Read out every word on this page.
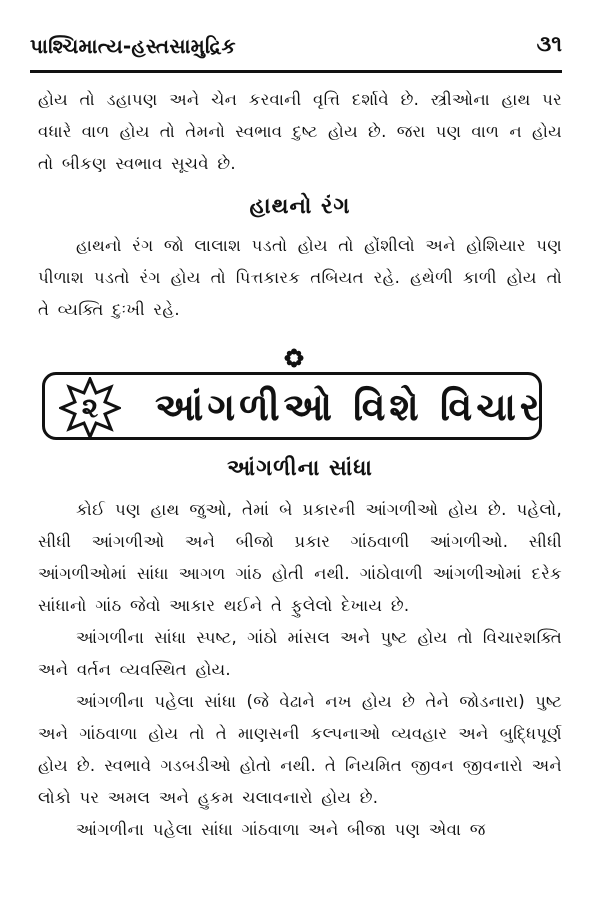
પાશ્ચિમાત્ય-હસ્તસામુદ્રિક	૩૧

હોય તો ડહાપણ અને ચેન કરવાની વૃત્તિ દર્શાવે છે. સ્ત્રીઓના હાથ પર વધારે વાળ હોય તો તેમનો સ્વભાવ દુષ્ટ હોય છે. જરા પણ વાળ ન હોય તો બીકણ સ્વભાવ સૂચવે છે.

હાથનો રંગ

હાથનો રંગ જો લાલાશ પડતો હોય તો હોંશીલો અને હોશિયાર પણ પીળાશ પડતો રંગ હોય તો પિત્તકારક તબિયત રહે. હથેળી કાળી હોય તો તે વ્યક્તિ દુઃખી રહે.

૨	આંગળીઓ વિશે વિચાર
આંગળીના સાંધા

કોઈ પણ હાથ જુઓ, તેમાં બે પ્રકારની આંગળીઓ હોય છે. પહેલો, સીધી આંગળીઓ અને બીજો પ્રકાર ગાંઠવાળી આંગળીઓ. સીધી આંગળીઓમાં સાંધા આગળ ગાંઠ હોતી નથી. ગાંઠોવાળી આંગળીઓમાં દરેક સાંધાનો ગાંઠ જેવો આકાર થઈને તે ફુલેલો દેખાય છે.

આંગળીના સાંધા સ્પષ્ટ, ગાંઠો માંસલ અને પુષ્ટ હોય તો વિચારશક્તિ અને વર્તન વ્યવસ્થિત હોય.

આંગળીના પહેલા સાંધા (જે વેઢાને નખ હોય છે તેને જોડનારા) પુષ્ટ અને ગાંઠવાળા હોય તો તે માણસની કલ્પનાઓ વ્યવહાર અને બુદ્ધિપૂર્ણ હોય છે. સ્વભાવે ગડબડીઓ હોતો નથી. તે નિયમિત જીવન જીવનારો અને લોકો પર અમલ અને હુકમ ચલાવનારો હોય છે.

આંગળીના પહેલા સાંધા ગાંઠવાળા અને બીજા પણ એવા જ
